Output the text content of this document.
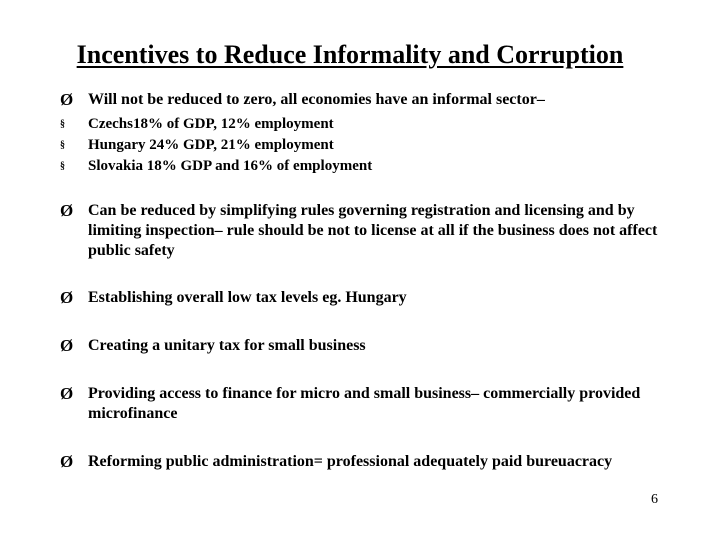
Incentives to Reduce Informality and Corruption
Ø Will not be reduced to zero, all economies have an informal sector–
§	Czechs18% of GDP, 12% employment
§	Hungary 24% GDP, 21% employment
§	Slovakia 18% GDP and 16% of employment
Ø Can be reduced by simplifying rules governing registration and licensing and by limiting inspection– rule should be not to license at all if the business does not affect public safety
Ø Establishing overall low tax levels eg. Hungary
Ø Creating a unitary tax for small business
Ø Providing access to finance for micro and small business– commercially provided microfinance
Ø Reforming public administration= professional adequately paid bureuacracy

6
